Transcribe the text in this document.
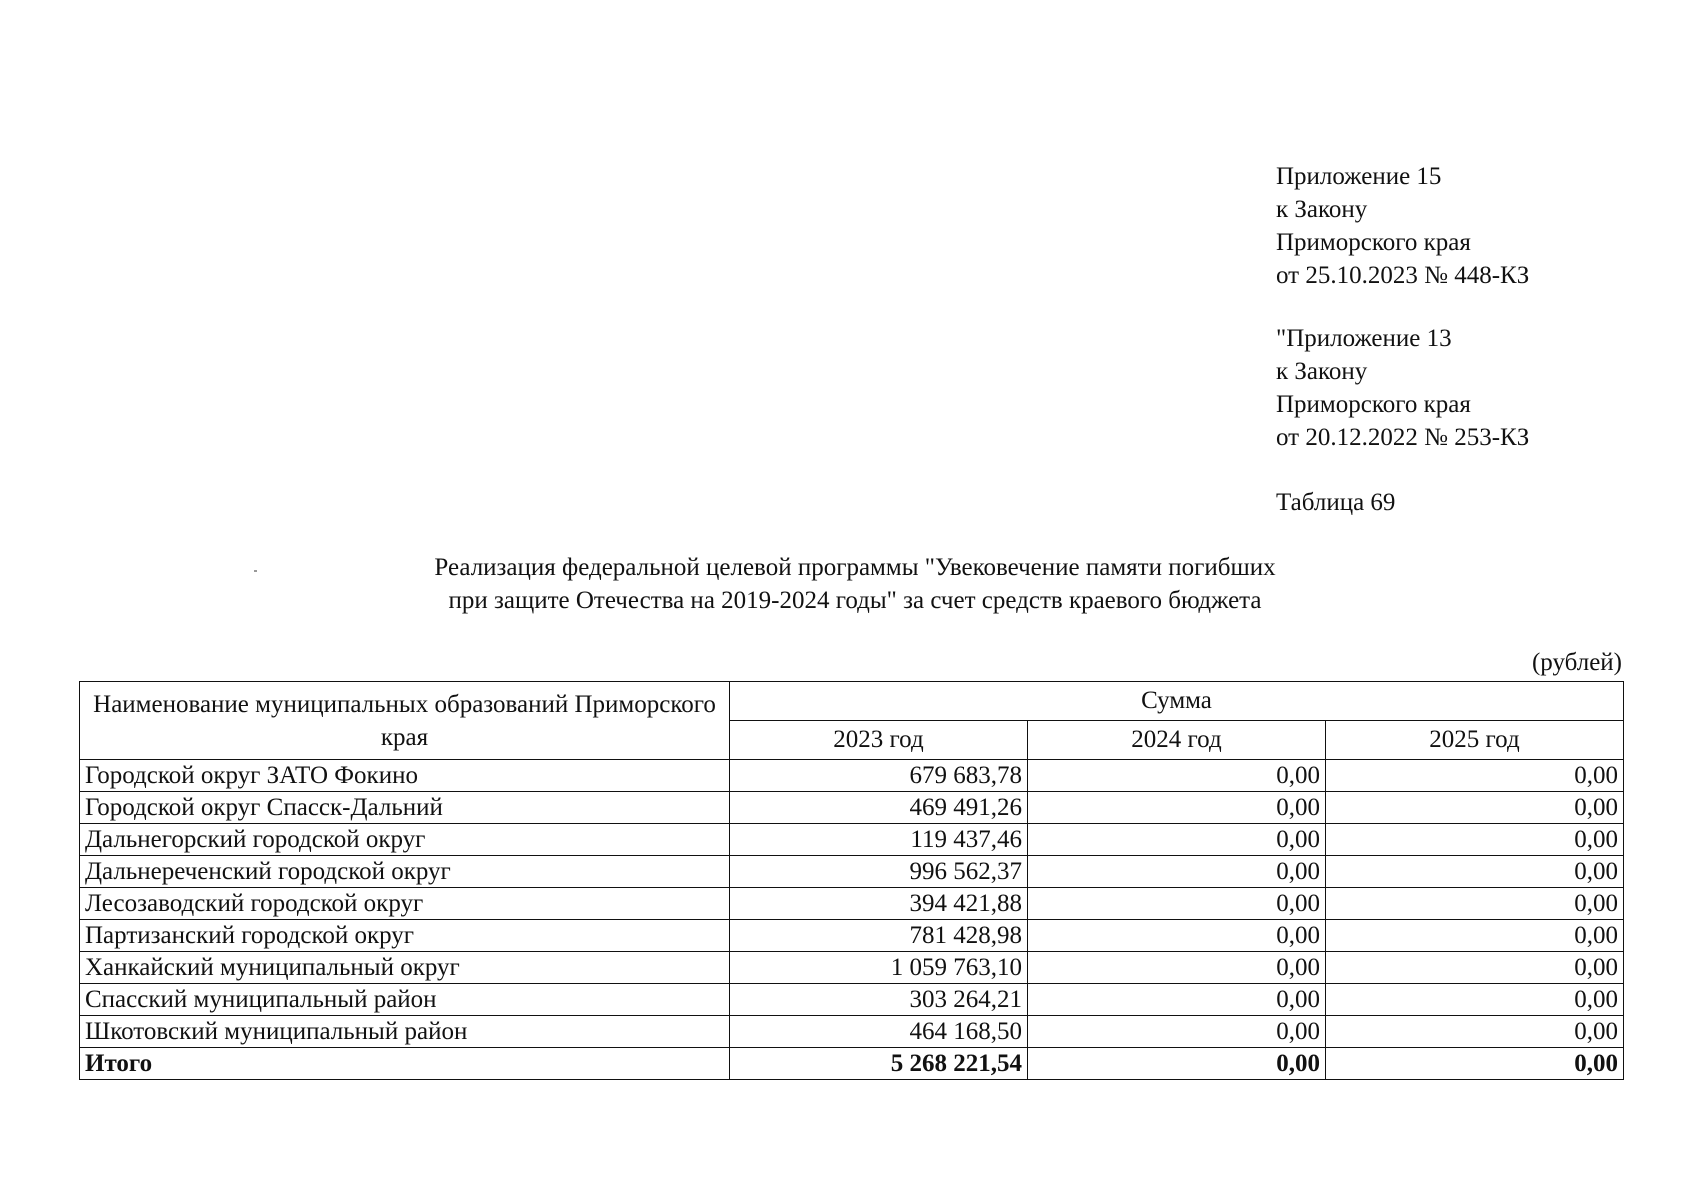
Приложение 15
к Закону
Приморского края
от 25.10.2023 № 448-КЗ
"Приложение 13
к Закону
Приморского края
от 20.12.2022 № 253-КЗ
Таблица 69
Реализация федеральной целевой программы "Увековечение памяти погибших
при защите Отечества на 2019-2024 годы" за счет средств краевого бюджета
(рублей)
Наименование муниципальных образований Приморского края	Сумма		
	2023 год	2024 год	2025 год
Городской округ ЗАТО Фокино	679 683,78	0,00	0,00
Городской округ Спасск-Дальний	469 491,26	0,00	0,00
Дальнегорский городской округ	119 437,46	0,00	0,00
Дальнереченский городской округ	996 562,37	0,00	0,00
Лесозаводский городской округ	394 421,88	0,00	0,00
Партизанский городской округ	781 428,98	0,00	0,00
Ханкайский муниципальный округ	1 059 763,10	0,00	0,00
Спасский муниципальный район	303 264,21	0,00	0,00
Шкотовский муниципальный район	464 168,50	0,00	0,00
Итого	5 268 221,54	0,00	0,00
